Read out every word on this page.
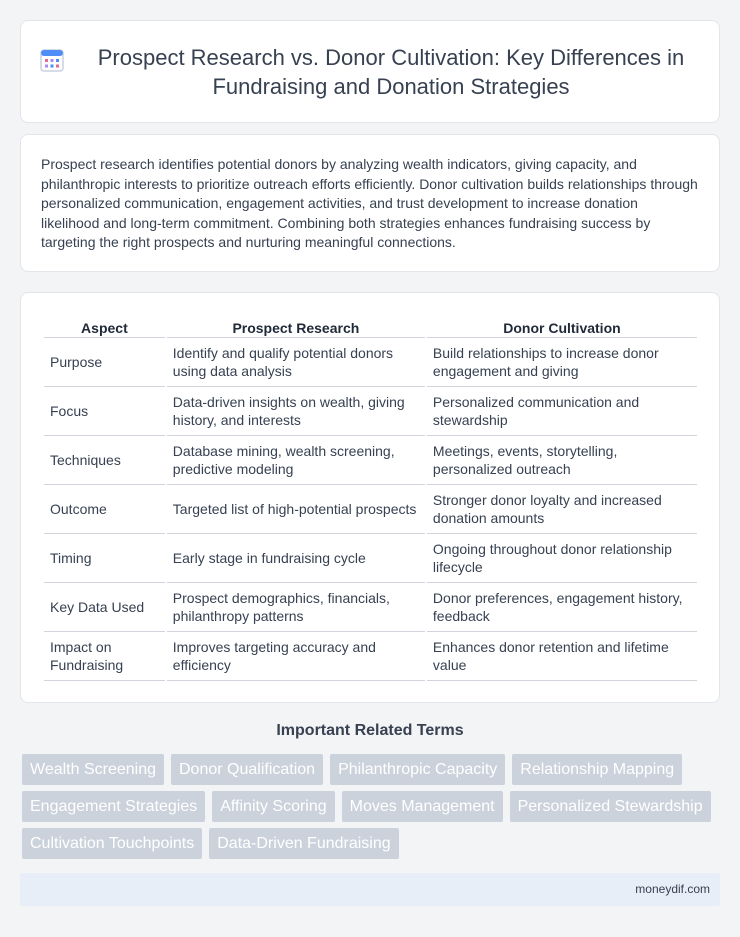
Prospect Research vs. Donor Cultivation: Key Differences in Fundraising and Donation Strategies

Prospect research identifies potential donors by analyzing wealth indicators, giving capacity, and philanthropic interests to prioritize outreach efforts efficiently. Donor cultivation builds relationships through personalized communication, engagement activities, and trust development to increase donation likelihood and long-term commitment. Combining both strategies enhances fundraising success by targeting the right prospects and nurturing meaningful connections.

Aspect	Prospect Research	Donor Cultivation
Purpose	Identify and qualify potential donors using data analysis	Build relationships to increase donor engagement and giving
Focus	Data-driven insights on wealth, giving history, and interests	Personalized communication and stewardship
Techniques	Database mining, wealth screening, predictive modeling	Meetings, events, storytelling, personalized outreach
Outcome	Targeted list of high-potential prospects	Stronger donor loyalty and increased donation amounts
Timing	Early stage in fundraising cycle	Ongoing throughout donor relationship lifecycle
Key Data Used	Prospect demographics, financials, philanthropy patterns	Donor preferences, engagement history, feedback
Impact on Fundraising	Improves targeting accuracy and efficiency	Enhances donor retention and lifetime value
Important Related Terms
Wealth Screening	Donor Qualification	Philanthropic Capacity	Relationship Mapping
Engagement Strategies	Affinity Scoring	Moves Management	Personalized Stewardship
Cultivation Touchpoints	Data-Driven Fundraising
moneydif.com
